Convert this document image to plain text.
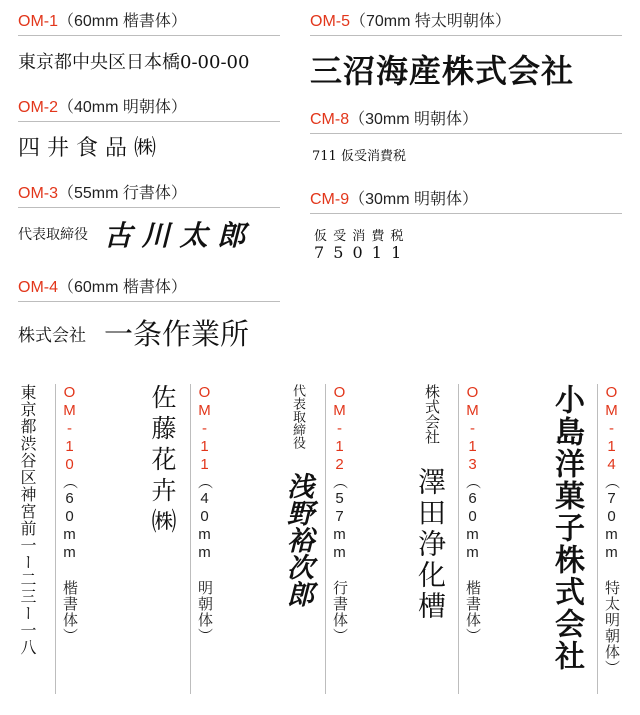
OM-1（60mm 楷書体）
東京都中央区日本橋0-00-00
OM-2（40mm 明朝体）
四 井 食 品 ㈱
OM-3（55mm 行書体）
代表取締役 古 川 太 郎
OM-4（60mm 楷書体）
株式会社 一条作業所
OM-5（70mm 特太明朝体）
三沼海産株式会社
CM-8（30mm 明朝体）
711 仮受消費税
CM-9（30mm 明朝体）
仮 受 消 費 税
7 5 0 1 1
東京都渋谷区神宮前一ー二三ー一八 OM-10（60mm 楷書体）
佐藤花卉㈱ OM-11（40mm 明朝体）
代表取締役
浅野裕次郎
OM-12（57mm 行書体）
株式会社
澤田浄化槽
OM-13（60mm 楷書体） 小島洋菓子株式会社 OM-14（70mm 特太明朝体）
